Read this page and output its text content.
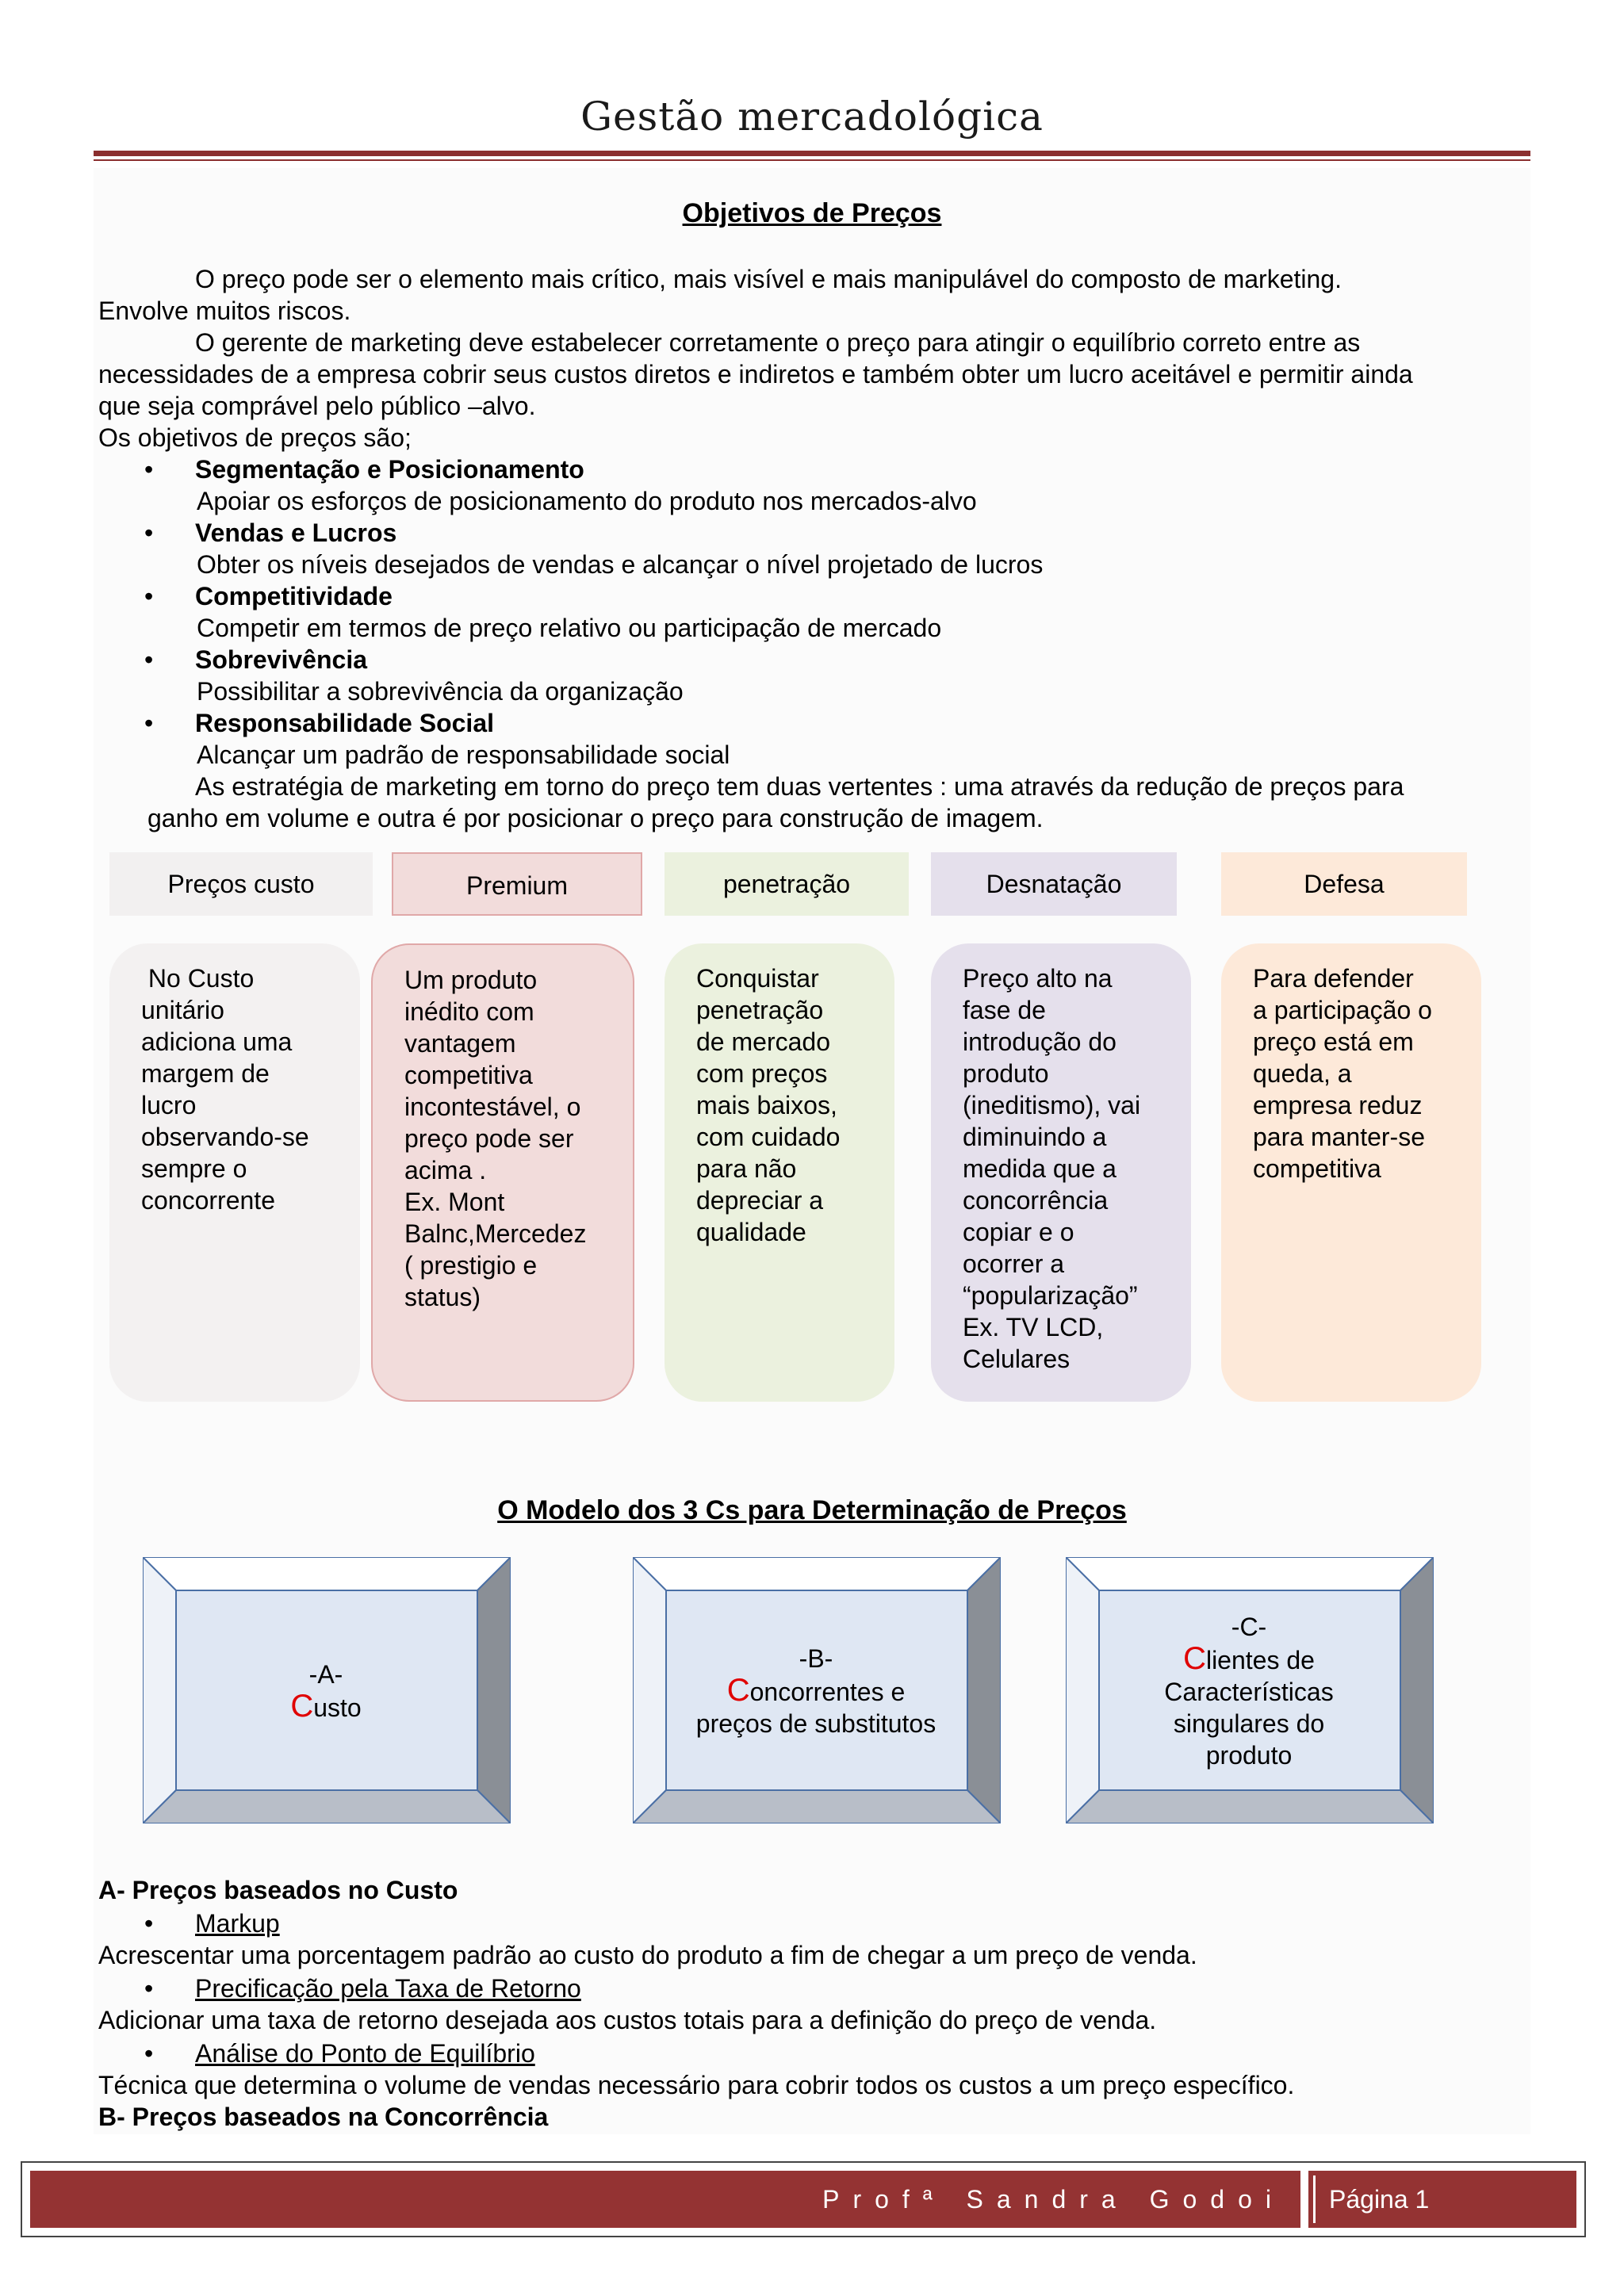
Gestão mercadológica
Objetivos de Preços
O preço pode ser o elemento mais crítico, mais visível e mais manipulável do composto de marketing.
Envolve muitos riscos.
O gerente de marketing deve estabelecer corretamente o preço para atingir o equilíbrio correto entre as
necessidades de a empresa cobrir seus custos diretos e indiretos e também obter um lucro aceitável e permitir ainda
que seja comprável pelo público –alvo.
Os objetivos de preços são;
• Segmentação e Posicionamento
Apoiar os esforços de posicionamento do produto nos mercados-alvo
• Vendas e Lucros
Obter os níveis desejados de vendas e alcançar o nível projetado de lucros
• Competitividade
Competir em termos de preço relativo ou participação de mercado
• Sobrevivência
Possibilitar a sobrevivência da organização
• Responsabilidade Social
Alcançar um padrão de responsabilidade social
As estratégia de marketing em torno do preço tem duas vertentes : uma através da redução de preços para
ganho em volume e outra é por posicionar o preço para construção de imagem.
Preços custo	Premium	penetração	Desnatação	Defesa
No Custo
unitário
adiciona uma
margem de
lucro
observando-se
sempre o
concorrente
Um produto
inédito com
vantagem
competitiva
incontestável, o
preço pode ser
acima .
Ex. Mont
Balnc,Mercedez
( prestigio e
status)
Conquistar
penetração
de mercado
com preços
mais baixos,
com cuidado
para não
depreciar a
qualidade
Preço alto na
fase de
introdução do
produto
(ineditismo), vai
diminuindo a
medida que a
concorrência
copiar e o
ocorrer a
“popularização”
Ex. TV LCD,
Celulares
Para defender
a participação o
preço está em
queda, a
empresa reduz
para manter-se
competitiva
O Modelo dos 3 Cs para Determinação de Preços
-A-
Custo
-B-
Concorrentes e
preços de substitutos
-C-
Clientes de
Características
singulares do
produto
A- Preços baseados no Custo
• Markup
Acrescentar uma porcentagem padrão ao custo do produto a fim de chegar a um preço de venda.
• Precificação pela Taxa de Retorno
Adicionar uma taxa de retorno desejada aos custos totais para a definição do preço de venda.
• Análise do Ponto de Equilíbrio
Técnica que determina o volume de vendas necessário para cobrir todos os custos a um preço específico.
B- Preços baseados na Concorrência
Profª Sandra Godoi Página 1
